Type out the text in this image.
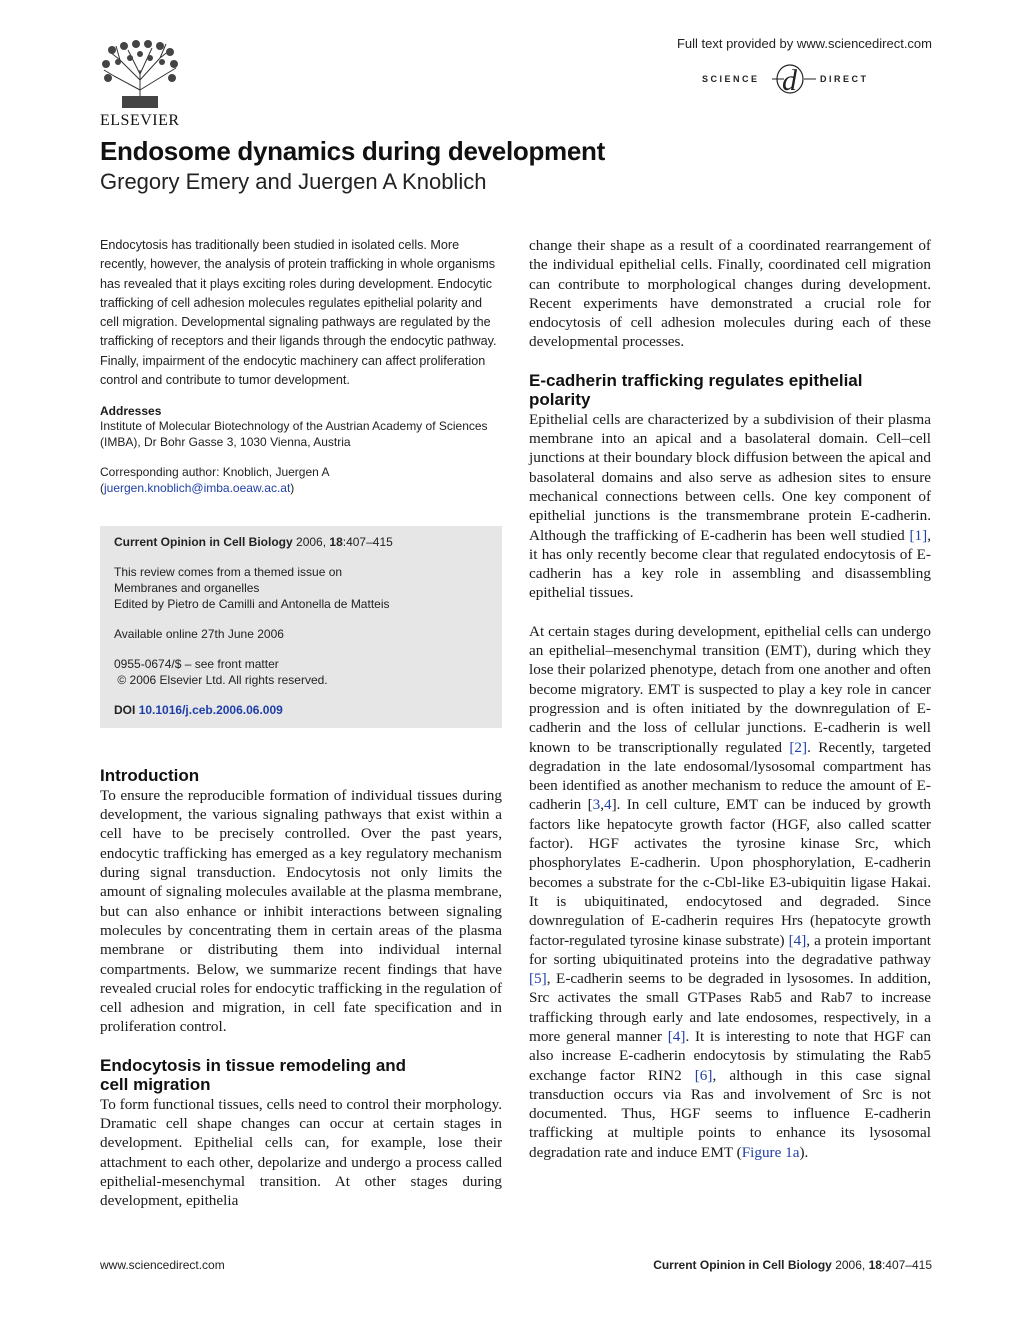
ELSEVIER
Full text provided by www.sciencedirect.com
SCIENCE d	DIRECT
Endosome dynamics during development

Gregory Emery and Juergen A Knoblich

Endocytosis has traditionally been studied in isolated cells. More recently, however, the analysis of protein trafficking in whole organisms has revealed that it plays exciting roles during development. Endocytic trafficking of cell adhesion molecules regulates epithelial polarity and cell migration. Developmental signaling pathways are regulated by the trafficking of receptors and their ligands through the endocytic pathway. Finally, impairment of the endocytic machinery can affect proliferation control and contribute to tumor development.

Addresses

Institute of Molecular Biotechnology of the Austrian Academy of Sciences (IMBA), Dr Bohr Gasse 3, 1030 Vienna, Austria

Corresponding author: Knoblich, Juergen A
(juergen.knoblich@imba.oeaw.ac.at)

Current Opinion in Cell Biology 2006, 18:407–415

This review comes from a themed issue on

Membranes and organelles

Edited by Pietro de Camilli and Antonella de Matteis

Available online 27th June 2006

0955-0674/$ – see front matter

© 2006 Elsevier Ltd. All rights reserved.

DOI 10.1016/j.ceb.2006.06.009

Introduction

To ensure the reproducible formation of individual tissues during development, the various signaling pathways that exist within a cell have to be precisely controlled. Over the past years, endocytic trafficking has emerged as a key regulatory mechanism during signal transduction. Endocytosis not only limits the amount of signaling molecules available at the plasma membrane, but can also enhance or inhibit interactions between signaling molecules by concentrating them in certain areas of the plasma membrane or distributing them into individual internal compartments. Below, we summarize recent findings that have revealed crucial roles for endocytic trafficking in the regulation of cell adhesion and migration, in cell fate specification and in proliferation control.

Endocytosis in tissue remodeling and
cell migration

To form functional tissues, cells need to control their morphology. Dramatic cell shape changes can occur at certain stages in development. Epithelial cells can, for example, lose their attachment to each other, depolarize and undergo a process called epithelial-mesenchymal transition. At other stages during development, epithelia

change their shape as a result of a coordinated rearrangement of the individual epithelial cells. Finally, coordinated cell migration can contribute to morphological changes during development. Recent experiments have demonstrated a crucial role for endocytosis of cell adhesion molecules during each of these developmental processes.

E-cadherin trafficking regulates epithelial
polarity

Epithelial cells are characterized by a subdivision of their plasma membrane into an apical and a basolateral domain. Cell–cell junctions at their boundary block diffusion between the apical and basolateral domains and also serve as adhesion sites to ensure mechanical connections between cells. One key component of epithelial junctions is the transmembrane protein E-cadherin. Although the trafficking of E-cadherin has been well studied [1], it has only recently become clear that regulated endocytosis of E-cadherin has a key role in assembling and disassembling epithelial tissues.

At certain stages during development, epithelial cells can undergo an epithelial–mesenchymal transition (EMT), during which they lose their polarized phenotype, detach from one another and often become migratory. EMT is suspected to play a key role in cancer progression and is often initiated by the downregulation of E-cadherin and the loss of cellular junctions. E-cadherin is well known to be transcriptionally regulated [2]. Recently, targeted degradation in the late endosomal/lysosomal compartment has been identified as another mechanism to reduce the amount of E-cadherin [3,4]. In cell culture, EMT can be induced by growth factors like hepatocyte growth factor (HGF, also called scatter factor). HGF activates the tyrosine kinase Src, which phosphorylates E-cadherin. Upon phosphorylation, E-cadherin becomes a substrate for the c-Cbl-like E3-ubiquitin ligase Hakai. It is ubiquitinated, endocytosed and degraded. Since downregulation of E-cadherin requires Hrs (hepatocyte growth factor-regulated tyrosine kinase substrate) [4], a protein important for sorting ubiquitinated proteins into the degradative pathway [5], E-cadherin seems to be degraded in lysosomes. In addition, Src activates the small GTPases Rab5 and Rab7 to increase trafficking through early and late endosomes, respectively, in a more general manner [4]. It is interesting to note that HGF can also increase E-cadherin endocytosis by stimulating the Rab5 exchange factor RIN2 [6], although in this case signal transduction occurs via Ras and involvement of Src is not documented. Thus, HGF seems to influence E-cadherin trafficking at multiple points to enhance its lysosomal degradation rate and induce EMT (Figure 1a).

www.sciencedirect.com	Current Opinion in Cell Biology 2006, 18:407–415
